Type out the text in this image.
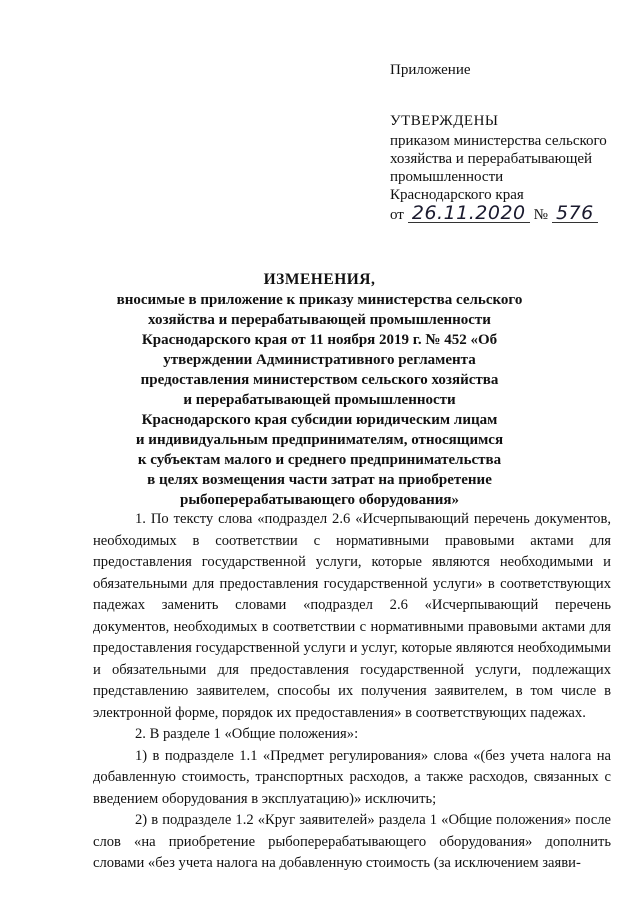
Приложение
УТВЕРЖДЕНЫ
приказом министерства сельского
хозяйства и перерабатывающей
промышленности
Краснодарского края
от 26.11.2020 № 576
ИЗМЕНЕНИЯ,
вносимые в приложение к приказу министерства сельского
хозяйства и перерабатывающей промышленности
Краснодарского края от 11 ноября 2019 г. № 452 «Об
утверждении Административного регламента
предоставления министерством сельского хозяйства
и перерабатывающей промышленности
Краснодарского края субсидии юридическим лицам
и индивидуальным предпринимателям, относящимся
к субъектам малого и среднего предпринимательства
в целях возмещения части затрат на приобретение
рыбоперерабатывающего оборудования»

1. По тексту слова «подраздел 2.6 «Исчерпывающий перечень документов, необходимых в соответствии с нормативными правовыми актами для предоставления государственной услуги, которые являются необходимыми и обязательными для предоставления государственной услуги» в соответствующих падежах заменить словами «подраздел 2.6 «Исчерпывающий перечень документов, необходимых в соответствии с нормативными правовыми актами для предоставления государственной услуги и услуг, которые являются необходимыми и обязательными для предоставления государственной услуги, подлежащих представлению заявителем, способы их получения заявителем, в том числе в электронной форме, порядок их предоставления» в соответствующих падежах.

2. В разделе 1 «Общие положения»:

1) в подразделе 1.1 «Предмет регулирования» слова «(без учета налога на добавленную стоимость, транспортных расходов, а также расходов, связанных с введением оборудования в эксплуатацию)» исключить;

2) в подразделе 1.2 «Круг заявителей» раздела 1 «Общие положения» после слов «на приобретение рыбоперерабатывающего оборудования» дополнить словами «без учета налога на добавленную стоимость (за исключением заяви-
